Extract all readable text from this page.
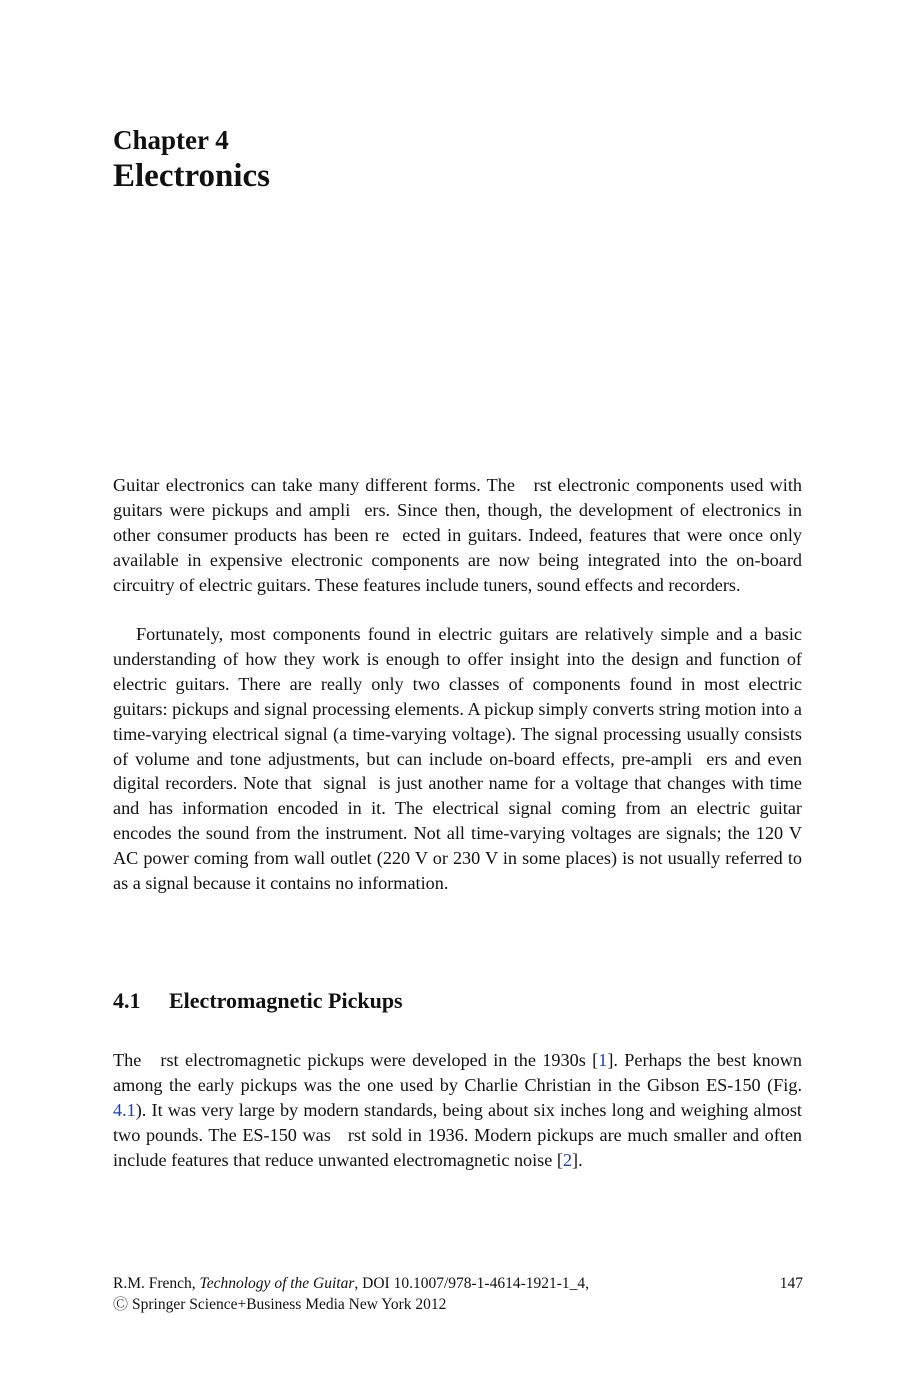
Chapter 4
Electronics

Guitar electronics can take many different forms. The   rst electronic components used with guitars were pickups and ampli  ers. Since then, though, the development of electronics in other consumer products has been re  ected in guitars. Indeed, features that were once only available in expensive electronic components are now being integrated into the on-board circuitry of electric guitars. These features include tuners, sound effects and recorders.

Fortunately, most components found in electric guitars are relatively simple and a basic understanding of how they work is enough to offer insight into the design and function of electric guitars. There are really only two classes of components found in most electric guitars: pickups and signal processing elements. A pickup simply converts string motion into a time-varying electrical signal (a time-varying voltage). The signal processing usually consists of volume and tone adjustments, but can include on-board effects, pre-ampli  ers and even digital recorders. Note that  signal  is just another name for a voltage that changes with time and has information encoded in it. The electrical signal coming from an electric guitar encodes the sound from the instrument. Not all time-varying voltages are signals; the 120 V AC power coming from wall outlet (220 V or 230 V in some places) is not usually referred to as a signal because it contains no information.

4.1 Electromagnetic Pickups

The   rst electromagnetic pickups were developed in the 1930s [1]. Perhaps the best known among the early pickups was the one used by Charlie Christian in the Gibson ES-150 (Fig. 4.1). It was very large by modern standards, being about six inches long and weighing almost two pounds. The ES-150 was   rst sold in 1936. Modern pickups are much smaller and often include features that reduce unwanted electromagnetic noise [2].

R.M. French, Technology of the Guitar, DOI 10.1007/978-1-4614-1921-1_4,	147
Ⓒ Springer Science+Business Media New York 2012
